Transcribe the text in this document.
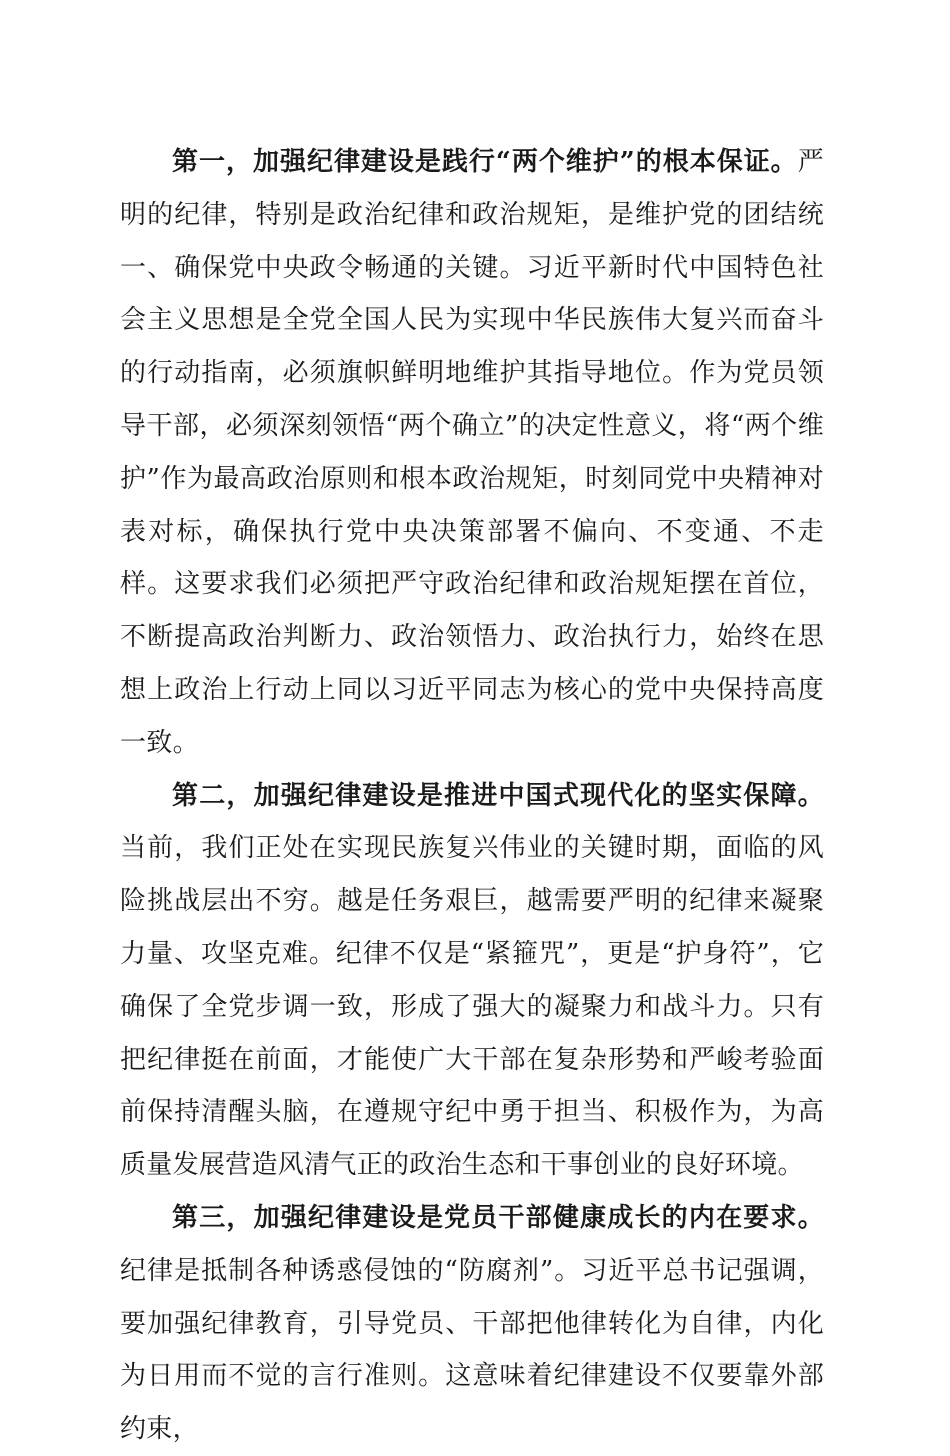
第一，加强纪律建设是践行“两个维护”的根本保证。严明的纪律，特别是政治纪律和政治规矩，是维护党的团结统一、确保党中央政令畅通的关键。习近平新时代中国特色社会主义思想是全党全国人民为实现中华民族伟大复兴而奋斗的行动指南，必须旗帜鲜明地维护其指导地位。作为党员领导干部，必须深刻领悟“两个确立”的决定性意义，将“两个维护”作为最高政治原则和根本政治规矩，时刻同党中央精神对表对标，确保执行党中央决策部署不偏向、不变通、不走样。这要求我们必须把严守政治纪律和政治规矩摆在首位，不断提高政治判断力、政治领悟力、政治执行力，始终在思想上政治上行动上同以习近平同志为核心的党中央保持高度一致。

第二，加强纪律建设是推进中国式现代化的坚实保障。当前，我们正处在实现民族复兴伟业的关键时期，面临的风险挑战层出不穷。越是任务艰巨，越需要严明的纪律来凝聚力量、攻坚克难。纪律不仅是“紧箍咒”，更是“护身符”，它确保了全党步调一致，形成了强大的凝聚力和战斗力。只有把纪律挺在前面，才能使广大干部在复杂形势和严峻考验面前保持清醒头脑，在遵规守纪中勇于担当、积极作为，为高质量发展营造风清气正的政治生态和干事创业的良好环境。

第三，加强纪律建设是党员干部健康成长的内在要求。纪律是抵制各种诱惑侵蚀的“防腐剂”。习近平总书记强调，要加强纪律教育，引导党员、干部把他律转化为自律，内化为日用而不觉的言行准则。这意味着纪律建设不仅要靠外部约束，
